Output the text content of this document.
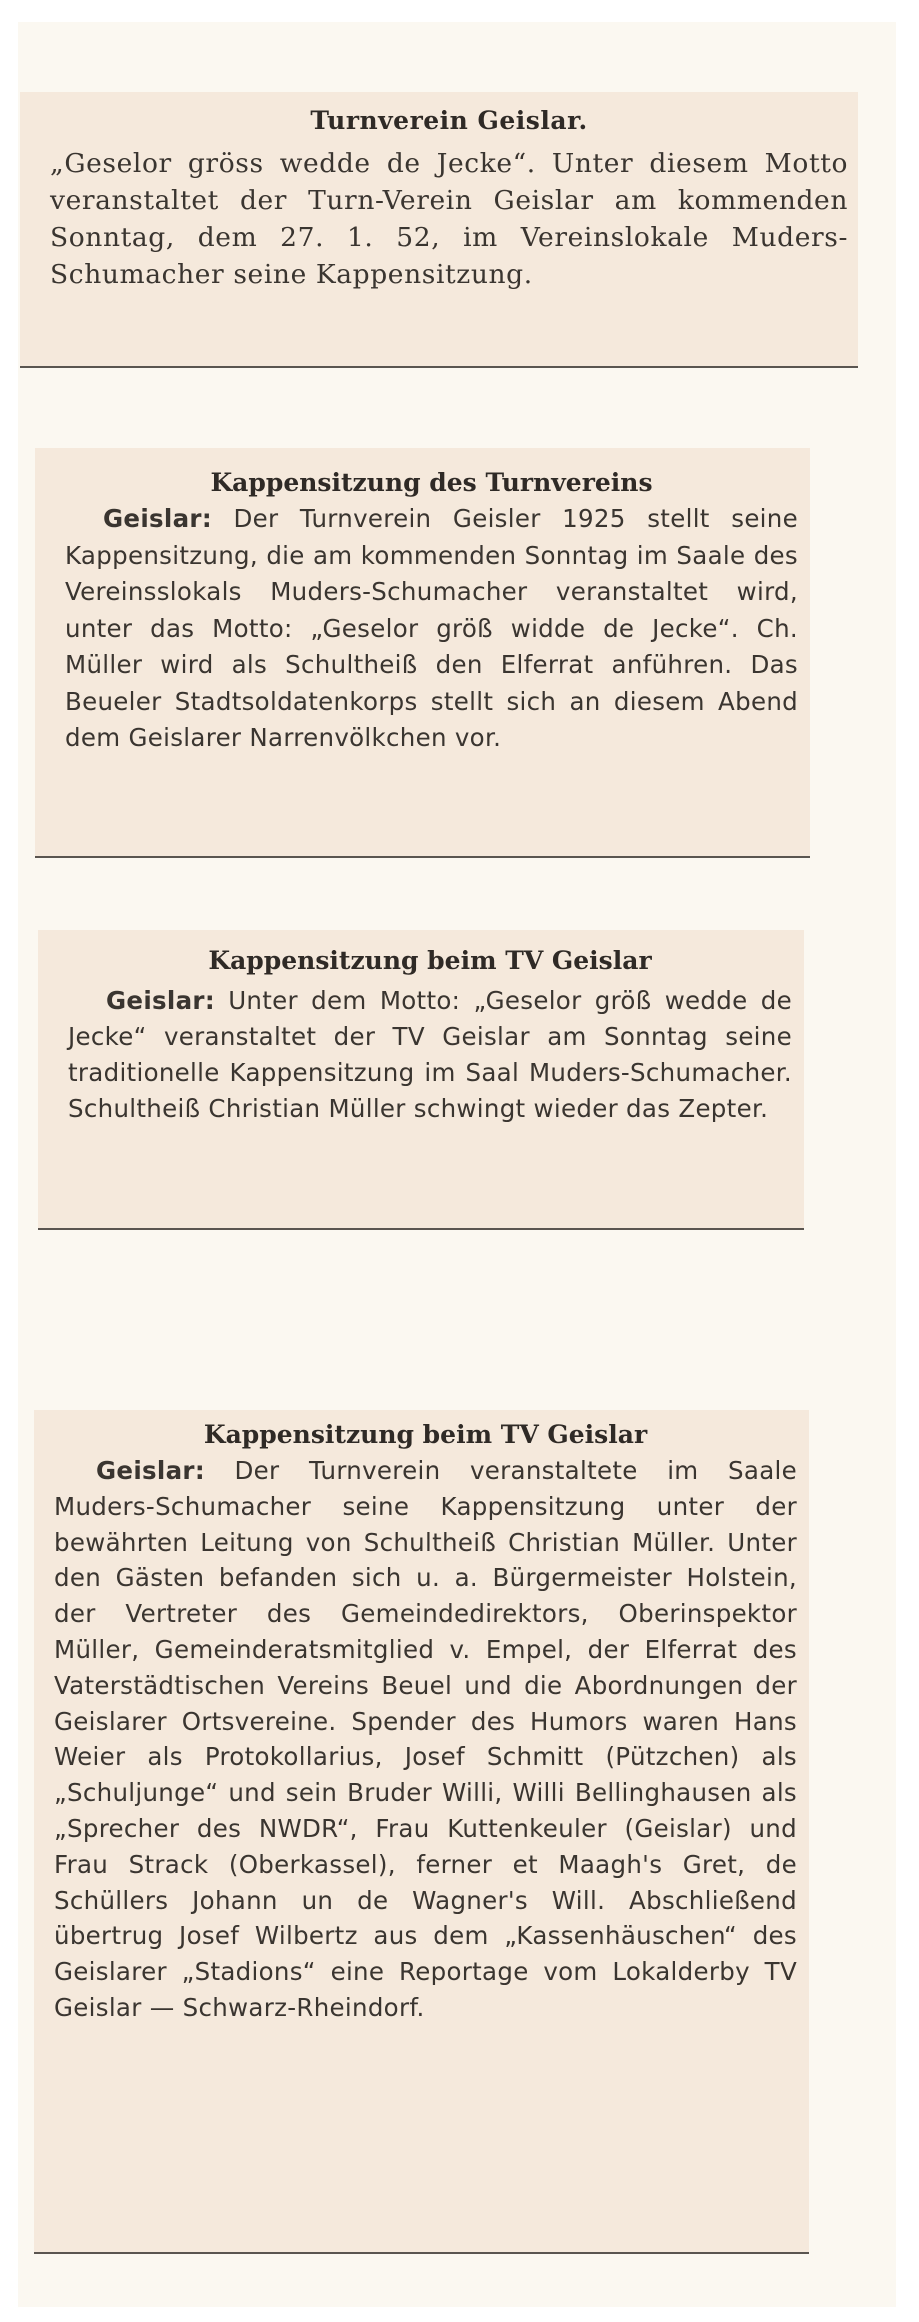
Turnverein Geislar.

„Geselor gröss wedde de Jecke“. Unter diesem Motto veranstaltet der Turn-Verein Geislar am kommenden Sonntag, dem 27. 1. 52, im Vereinslokale Muders-Schumacher seine Kappensitzung.

Kappensitzung des Turnvereins

Geislar: Der Turnverein Geisler 1925 stellt seine Kappensitzung, die am kommenden Sonntag im Saale des Vereinsslokals Muders-Schumacher veranstaltet wird, unter das Motto: „Geselor größ widde de Jecke“. Ch. Müller wird als Schultheiß den Elferrat anführen. Das Beueler Stadtsoldatenkorps stellt sich an diesem Abend dem Geislarer Narrenvölkchen vor.

Kappensitzung beim TV Geislar

Geislar: Unter dem Motto: „Geselor größ wedde de Jecke“ veranstaltet der TV Geislar am Sonntag seine traditionelle Kappensitzung im Saal Muders-Schumacher. Schultheiß Christian Müller schwingt wieder das Zepter.

Kappensitzung beim TV Geislar

Geislar: Der Turnverein veranstaltete im Saale Muders-Schumacher seine Kappensitzung unter der bewährten Leitung von Schultheiß Christian Müller. Unter den Gästen befanden sich u. a. Bürgermeister Holstein, der Vertreter des Gemeindedirektors, Oberinspektor Müller, Gemeinderatsmitglied v. Empel, der Elferrat des Vaterstädtischen Vereins Beuel und die Abordnungen der Geislarer Ortsvereine. Spender des Humors waren Hans Weier als Protokollarius, Josef Schmitt (Pützchen) als „Schuljunge“ und sein Bruder Willi, Willi Bellinghausen als „Sprecher des NWDR“, Frau Kuttenkeuler (Geislar) und Frau Strack (Oberkassel), ferner et Maagh's Gret, de Schüllers Johann un de Wagner's Will. Abschließend übertrug Josef Wilbertz aus dem „Kassenhäuschen“ des Geislarer „Stadions“ eine Reportage vom Lokalderby TV Geislar — Schwarz-Rheindorf.
